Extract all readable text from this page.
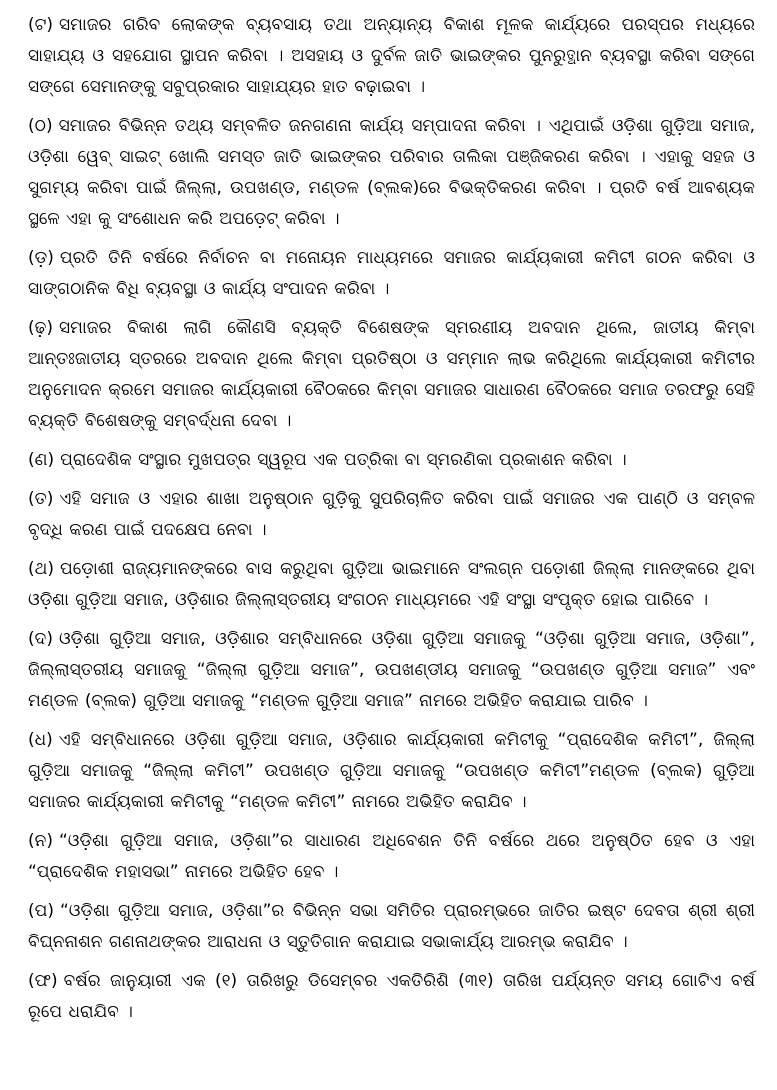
(ଟ) ସମାଜର ଗରିବ ଲୋକଙ୍କ ବ୍ୟବସାୟ ତଥା ଅନ୍ୟାନ୍ୟ ବିକାଶ ମୂଳକ କାର୍ଯ୍ୟରେ ପରସ୍ପର ମଧ୍ୟରେ ସାହାଯ୍ୟ ଓ ସହଯୋଗ ସ୍ଥାପନ କରିବା । ଅସହାୟ ଓ ଦୁର୍ବଳ ଜାତି ଭାଇଙ୍କର ପୁନରୁତ୍ଥାନ ବ୍ୟବସ୍ଥା କରିବା ସଙ୍ଗେ ସଙ୍ଗେ ସେମାନଙ୍କୁ ସବୁପ୍ରକାର ସାହାଯ୍ୟର ହାତ ବଢ଼ାଇବା ।

(ଠ) ସମାଜର ବିଭିନ୍ନ ତଥ୍ୟ ସମ୍ବଳିତ ଜନଗଣନା କାର୍ଯ୍ୟ ସମ୍ପାଦନା କରିବା । ଏଥିପାଇଁ ଓଡ଼ିଶା ଗୁଡ଼ିଆ ସମାଜ, ଓଡ଼ିଶା ୱେବ୍ ସାଇଟ୍ ଖୋଲି ସମସ୍ତ ଜାତି ଭାଇଙ୍କର ପରିବାର ତାଲିକା ପଞ୍ଜିକରଣ କରିବା । ଏହାକୁ ସହଜ ଓ ସୁଗମ୍ୟ କରିବା ପାଇଁ ଜିଲ୍ଲା, ଉପଖଣ୍ଡ, ମଣ୍ଡଳ (ବ୍ଲକ)ରେ ବିଭକ୍ତିକରଣ କରିବା । ପ୍ରତି ବର୍ଷ ଆବଶ୍ୟକ ସ୍ଥଳେ ଏହା କୁ ସଂଶୋଧନ କରି ଅପଡ଼େଟ୍ କରିବା ।

(ଡ଼) ପ୍ରତି ତିନି ବର୍ଷରେ ନିର୍ବାଚନ ବା ମନୋୟନ ମାଧ୍ୟମରେ ସମାଜର କାର୍ଯ୍ୟକାରୀ କମିଟୀ ଗଠନ କରିବା ଓ ସାଙ୍ଗଠାନିକ ବିଧି ବ୍ୟବସ୍ଥା ଓ କାର୍ଯ୍ୟ ସଂପାଦନ କରିବା ।

(ଢ଼) ସମାଜର ବିକାଶ ଲାଗି କୌଣସି ବ୍ୟକ୍ତି ବିଶେଷଙ୍କ ସ୍ମରଣୀୟ ଅବଦାନ ଥିଲେ, ଜାତୀୟ କିମ୍ବା ଆନ୍ତଃଜାତୀୟ ସ୍ତରରେ ଅବଦାନ ଥିଲେ କିମ୍ବା ପ୍ରତିଷ୍ଠା ଓ ସମ୍ମାନ ଲାଭ କରିଥିଲେ କାର୍ଯ୍ୟକାରୀ କମିଟୀର ଅନୁମୋଦନ କ୍ରମେ ସମାଜର କାର୍ଯ୍ୟକାରୀ ବୈଠକରେ କିମ୍ବା ସମାଜର ସାଧାରଣ ବୈଠକରେ ସମାଜ ତରଫରୁ ସେହି ବ୍ୟକ୍ତି ବିଶେଷଙ୍କୁ ସମ୍ବର୍ଦ୍ଧନା ଦେବା ।

(ଣ) ପ୍ରାଦେଶିକ ସଂସ୍ଥାର ମୁଖପତ୍ର ସ୍ୱରୂପ ଏକ ପତ୍ରିକା ବା ସ୍ମରଣିକା ପ୍ରକାଶନ କରିବା ।

(ତ) ଏହି ସମାଜ ଓ ଏହାର ଶାଖା ଅନୁଷ୍ଠାନ ଗୁଡ଼ିକୁ ସୁପରିଚାଳିତ କରିବା ପାଇଁ ସମାଜର ଏକ ପାଣ୍ଠି ଓ ସମ୍ବଳ ବୃଦ୍ଧି କରଣ ପାଇଁ ପଦକ୍ଷେପ ନେବା ।

(ଥ) ପଡ଼ୋଶୀ ରାଜ୍ୟମାନଙ୍କରେ ବାସ କରୁଥିବା ଗୁଡ଼ିଆ ଭାଇମାନେ ସଂଲଗ୍ନ ପଡ଼ୋଶୀ ଜିଲ୍ଲା ମାନଙ୍କରେ ଥିବା ଓଡ଼ିଶା ଗୁଡ଼ିଆ ସମାଜ, ଓଡ଼ିଶାର ଜିଲ୍ଲାସ୍ତରୀୟ ସଂଗଠନ ମାଧ୍ୟମରେ ଏହି ସଂସ୍ଥା ସଂପୃକ୍ତ ହୋଇ ପାରିବେ ।

(ଦ) ଓଡ଼ିଶା ଗୁଡ଼ିଆ ସମାଜ, ଓଡ଼ିଶାର ସମ୍ବିଧାନରେ ଓଡ଼ିଶା ଗୁଡ଼ିଆ ସମାଜକୁ “ଓଡ଼ିଶା ଗୁଡ଼ିଆ ସମାଜ, ଓଡ଼ିଶା”, ଜିଲ୍ଲାସ୍ତରୀୟ ସମାଜକୁ “ଜିଲ୍ଲା ଗୁଡ଼ିଆ ସମାଜ”, ଉପଖଣ୍ଡୀୟ ସମାଜକୁ “ଉପଖଣ୍ଡ ଗୁଡ଼ିଆ ସମାଜ” ଏବଂ ମଣ୍ଡଳ (ବ୍ଲକ) ଗୁଡ଼ିଆ ସମାଜକୁ “ମଣ୍ଡଳ ଗୁଡ଼ିଆ ସମାଜ” ନାମରେ ଅଭିହିତ କରାଯାଇ ପାରିବ ।

(ଧ) ଏହି ସମ୍ବିଧାନରେ ଓଡ଼ିଶା ଗୁଡ଼ିଆ ସମାଜ, ଓଡ଼ିଶାର କାର୍ଯ୍ୟକାରୀ କମିଟୀକୁ “ପ୍ରାଦେଶିକ କମିଟୀ”, ଜିଲ୍ଲା ଗୁଡ଼ିଆ ସମାଜକୁ “ଜିଲ୍ଲା କମିଟୀ” ଉପଖଣ୍ଡ ଗୁଡ଼ିଆ ସମାଜକୁ “ଉପଖଣ୍ଡ କମିଟୀ”ମଣ୍ଡଳ (ବ୍ଲକ) ଗୁଡ଼ିଆ ସମାଜର କାର୍ଯ୍ୟକାରୀ କମିଟୀକୁ “ମଣ୍ଡଳ କମିଟୀ” ନାମରେ ଅଭିହିତ କରାଯିବ ।

(ନ) “ଓଡ଼ିଶା ଗୁଡ଼ିଆ ସମାଜ, ଓଡ଼ିଶା”ର ସାଧାରଣ ଅଧିବେଶନ ତିନି ବର୍ଷରେ ଥରେ ଅନୁଷ୍ଠିତ ହେବ ଓ ଏହା “ପ୍ରାଦେଶିକ ମହାସଭା” ନାମରେ ଅଭିହିତ ହେବ ।

(ପ) “ଓଡ଼ିଶା ଗୁଡ଼ିଆ ସମାଜ, ଓଡ଼ିଶା”ର ବିଭିନ୍ନ ସଭା ସମିତିର ପ୍ରାରମ୍ଭରେ ଜାତିର ଇଷ୍ଟ ଦେବତା ଶ୍ରୀ ଶ୍ରୀ ବିଘ୍ନନାଶନ ଗଣନାଥଙ୍କର ଆରାଧନା ଓ ସ୍ତୁତିଗାନ କରାଯାଇ ସଭାକାର୍ଯ୍ୟ ଆରମ୍ଭ କରାଯିବ ।

(ଫ) ବର୍ଷର ଜାନୁୟାରୀ ଏକ (୧) ତାରିଖରୁ ଡିସେମ୍ବର ଏକତିରିଶି (୩୧) ତାରିଖ ପର୍ଯ୍ୟନ୍ତ ସମୟ ଗୋଟିଏ ବର୍ଷ ରୂପେ ଧରାଯିବ ।
